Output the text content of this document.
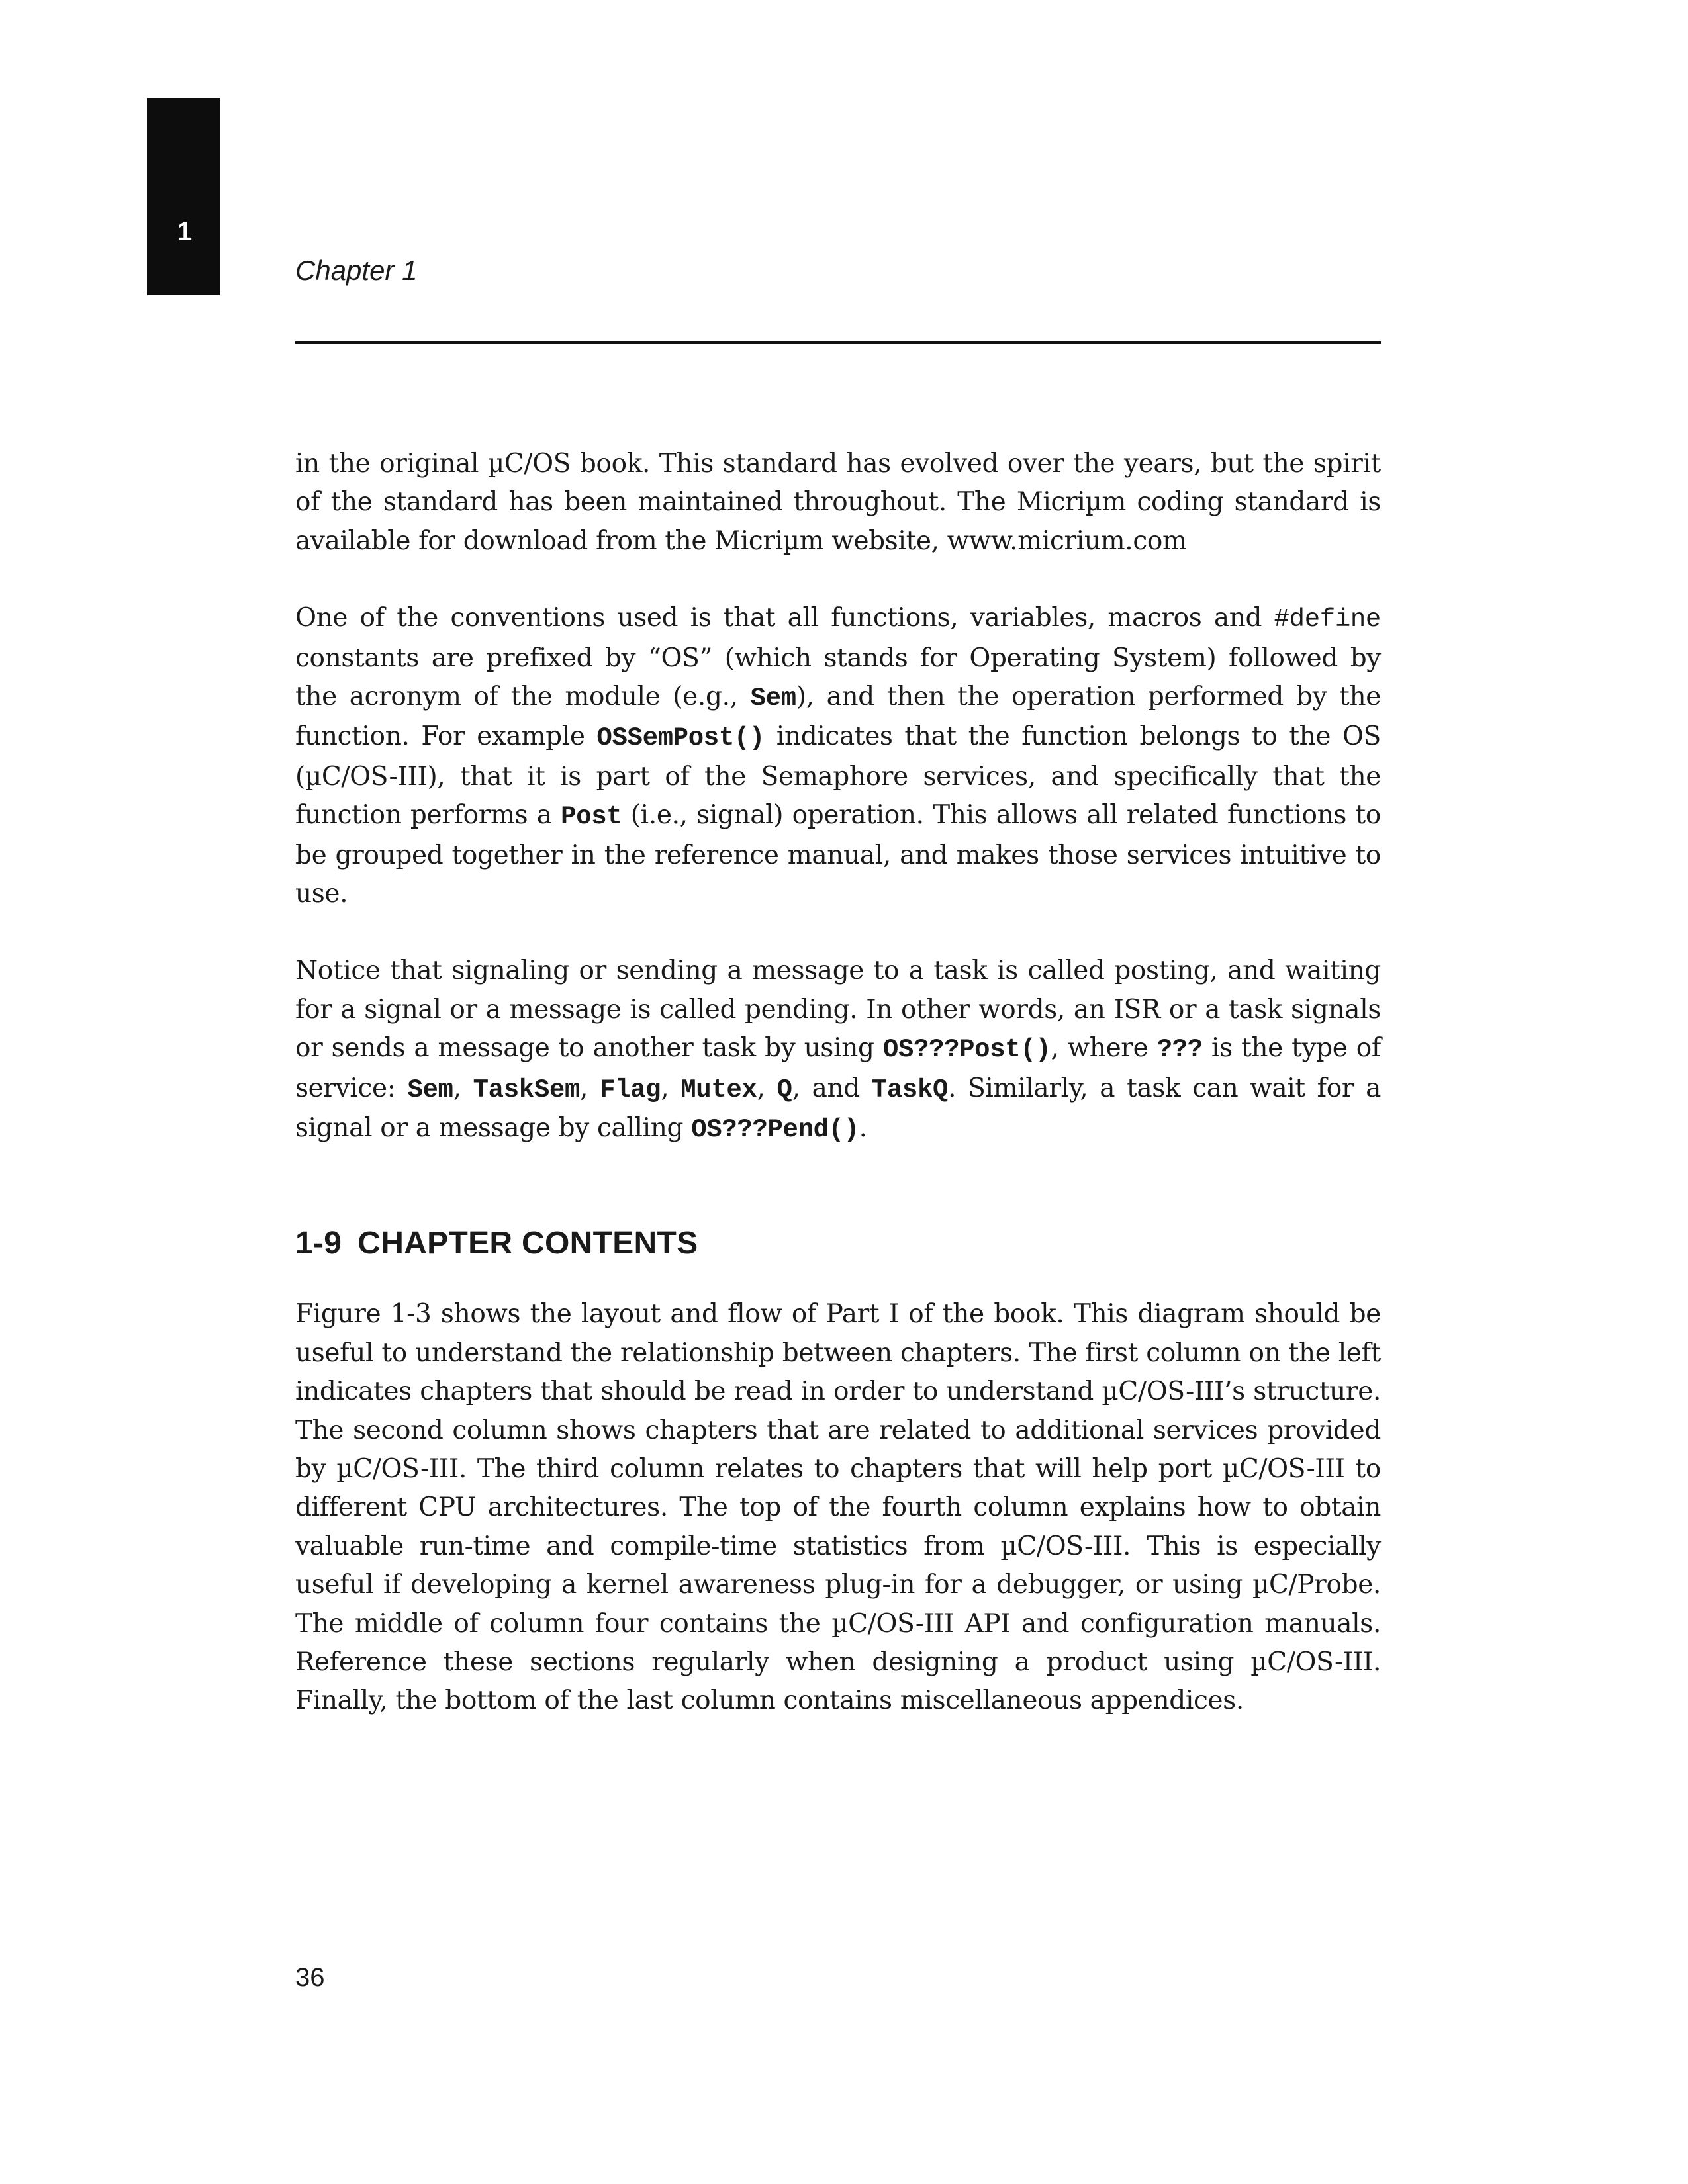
1
Chapter 1

in the original µC/OS book. This standard has evolved over the years, but the spirit of the standard has been maintained throughout. The Micriµm coding standard is available for download from the Micriµm website, www.micrium.com

One of the conventions used is that all functions, variables, macros and #define constants are prefixed by “OS” (which stands for Operating System) followed by the acronym of the module (e.g., Sem), and then the operation performed by the function. For example OSSemPost() indicates that the function belongs to the OS (µC/OS-III), that it is part of the Semaphore services, and specifically that the function performs a Post (i.e., signal) operation. This allows all related functions to be grouped together in the reference manual, and makes those services intuitive to use.

Notice that signaling or sending a message to a task is called posting, and waiting for a signal or a message is called pending. In other words, an ISR or a task signals or sends a message to another task by using OS???Post(), where ??? is the type of service: Sem, TaskSem, Flag, Mutex, Q, and TaskQ. Similarly, a task can wait for a signal or a message by calling OS???Pend().

1-9 CHAPTER CONTENTS

Figure 1-3 shows the layout and flow of Part I of the book. This diagram should be useful to understand the relationship between chapters. The first column on the left indicates chapters that should be read in order to understand µC/OS-III’s structure. The second column shows chapters that are related to additional services provided by µC/OS-III. The third column relates to chapters that will help port µC/OS-III to different CPU architectures. The top of the fourth column explains how to obtain valuable run-time and compile-time statistics from µC/OS-III. This is especially useful if developing a kernel awareness plug-in for a debugger, or using µC/Probe. The middle of column four contains the µC/OS-III API and configuration manuals. Reference these sections regularly when designing a product using µC/OS-III. Finally, the bottom of the last column contains miscellaneous appendices.

36
